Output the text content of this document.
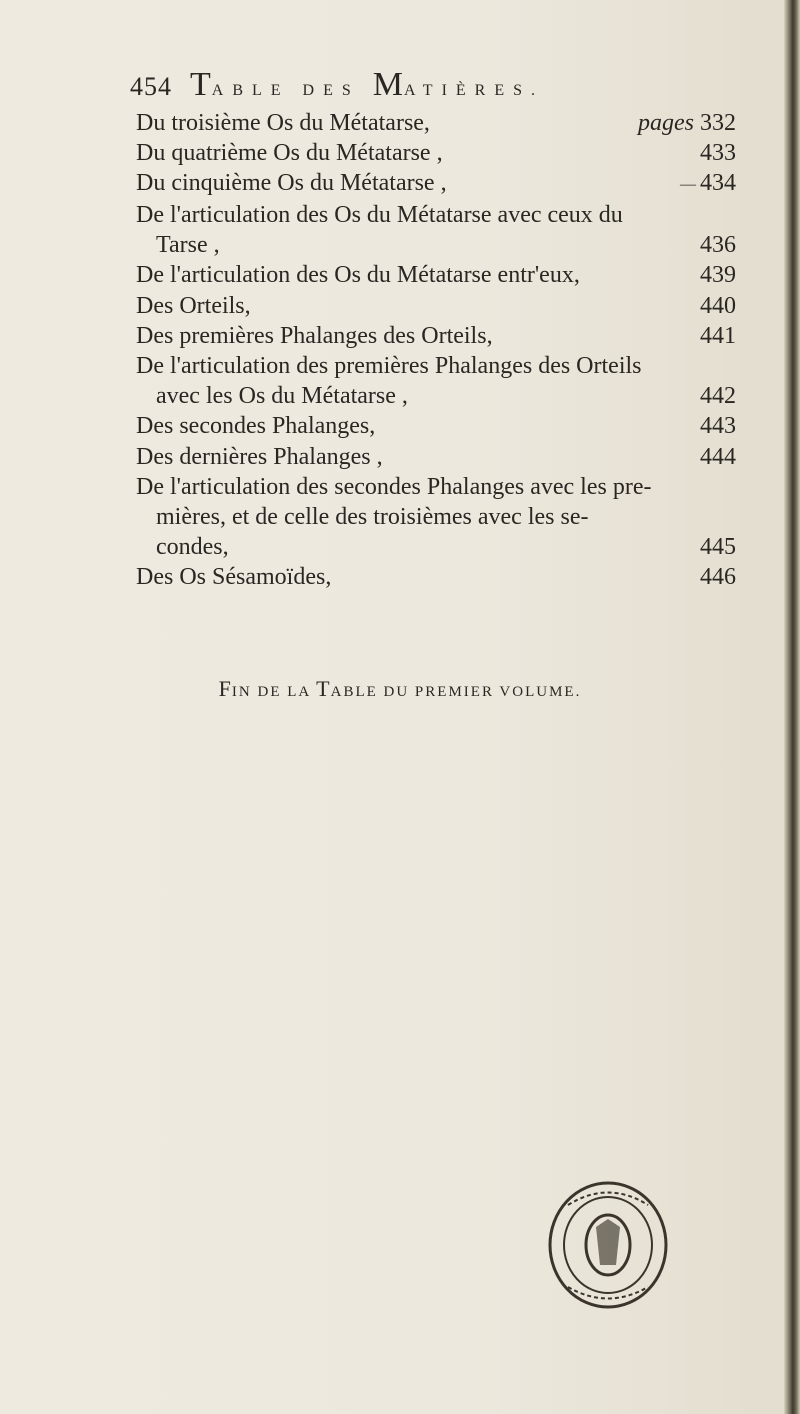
454 TABLE DES MATIÈRES.
Du troisième Os du Métatarse,	pages 332
Du quatrième Os du Métatarse ,	433
Du cinquième Os du Métatarse ,	— 434
De l'articulation des Os du Métatarse avec ceux du
Tarse ,	436
De l'articulation des Os du Métatarse entr'eux,	439
Des Orteils,	440
Des premières Phalanges des Orteils,	441
De l'articulation des premières Phalanges des Orteils
avec les Os du Métatarse ,	442
Des secondes Phalanges,	443
Des dernières Phalanges ,	444
De l'articulation des secondes Phalanges avec les pre-
mières, et de celle des troisièmes avec les se-
condes,	445
Des Os Sésamoïdes,	446
FIN DE LA TABLE DU PREMIER VOLUME.
